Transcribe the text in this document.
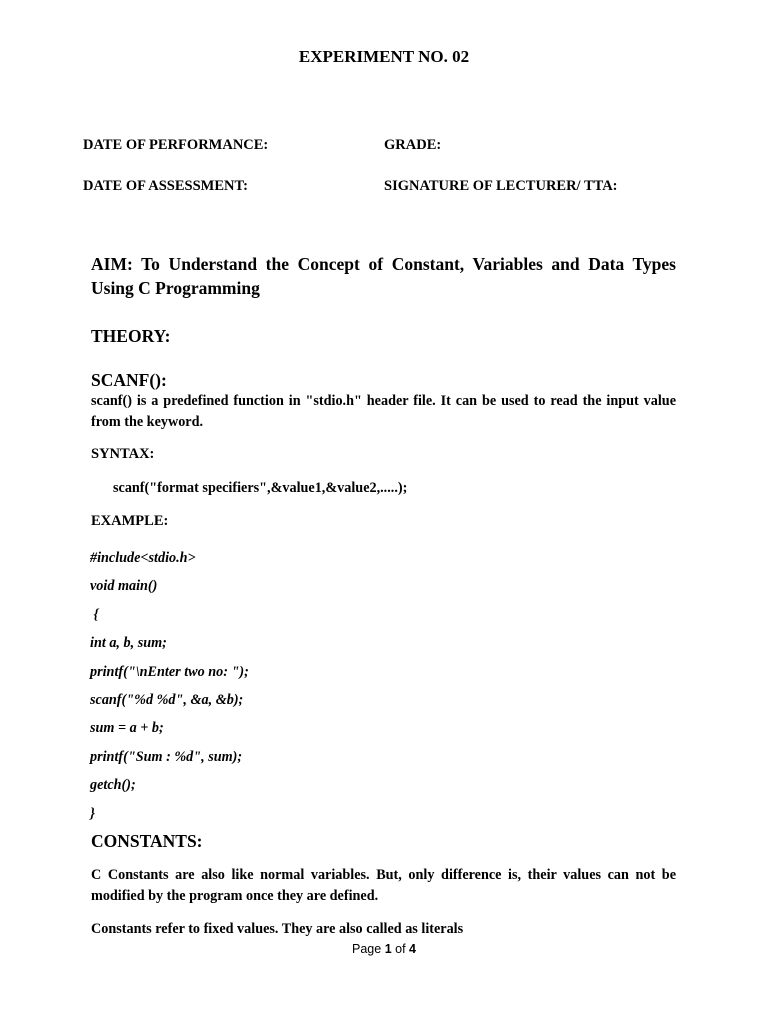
EXPERIMENT NO. 02
DATE OF PERFORMANCE:	GRADE:
DATE OF ASSESSMENT:	SIGNATURE OF LECTURER/ TTA:
AIM: To Understand the Concept of Constant, Variables and Data Types Using C Programming
THEORY:
SCANF():
scanf() is a predefined function in "stdio.h" header file. It can be used to read the input value from the keyword.
SYNTAX:
scanf("format specifiers",&value1,&value2,.....);
EXAMPLE:
#include<stdio.h>
void main()
{
int a, b, sum;
printf("\nEnter two no: ");
scanf("%d %d", &a, &b);
sum = a + b;
printf("Sum : %d", sum);
getch();
}
CONSTANTS:
C Constants are also like normal variables. But, only difference is, their values can not be modified by the program once they are defined.
Constants refer to fixed values. They are also called as literals
Page 1 of 4
